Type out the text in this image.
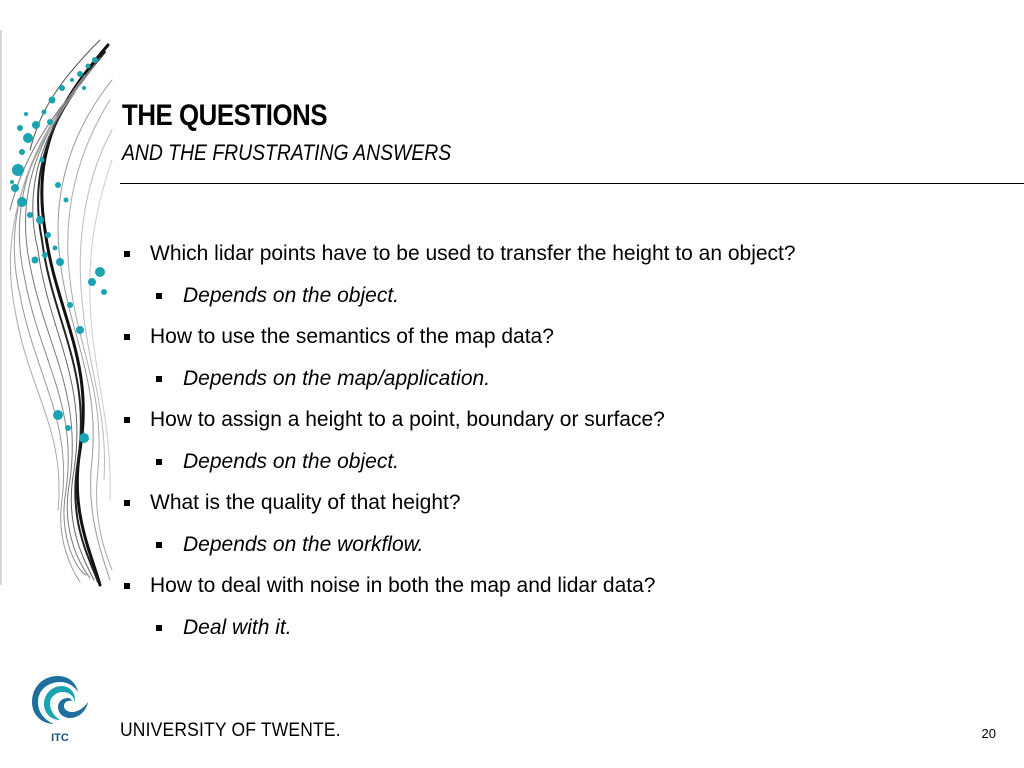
THE QUESTIONS
AND THE FRUSTRATING ANSWERS
Which lidar points have to be used to transfer the height to an object?
Depends on the object.
How to use the semantics of the map data?
Depends on the map/application.
How to assign a height to a point, boundary or surface?
Depends on the object.
What is the quality of that height?
Depends on the workflow.
How to deal with noise in both the map and lidar data?
Deal with it.
ITC	UNIVERSITY OF TWENTE.	20
